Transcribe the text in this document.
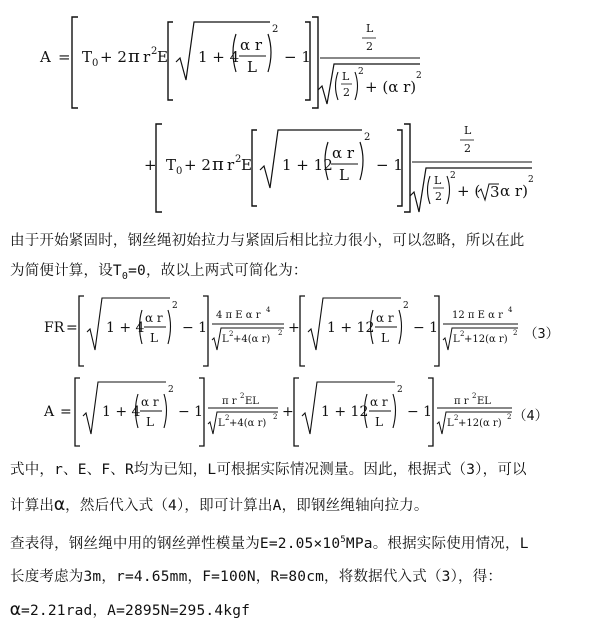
A = T 0 + 2 π r 2 E 1 + 4
α r
L
2
− 1
L
2
L
2
2
+ (α r)
2
+ T 0 + 2 π r 2 E 1 + 12
α r
L
2
− 1
L
2
L
2
2
+ ( 3 α r)
2
由于开始紧固时，钢丝绳初始拉力与紧固后相比拉力很小，可以忽略，所以在此
为简便计算，设$T_0=0$，故以上两式可简化为：
FR = 1 + 4
α r
L
2
− 1
4 π E α r 4
L 2 +4(α r)
2 + 1 + 12
α r
L
2
− 1
12 π E α r 4
L 2 +12(α r)
2 （3）
A = 1 + 4
α r
L
2
− 1
π r 2 EL
L 2 +4(α r)
2 + 1 + 12
α r
L
2
− 1
π r 2 EL
L 2 +12(α r)
2 （4）
式中，r、E、F、R均为已知，L可根据实际情况测量。因此，根据式（3），可以
计算出α，然后代入式（4），即可计算出A，即钢丝绳轴向拉力。
查表得，钢丝绳中用的钢丝弹性模量为$E=2.05\times 10^5MPa$。根据实际使用情况，L
长度考虑为3m，r=4.65mm，F=100N，R=80cm，将数据代入式（3），得：
α=2.21rad，A=2895N=295.4kgf
